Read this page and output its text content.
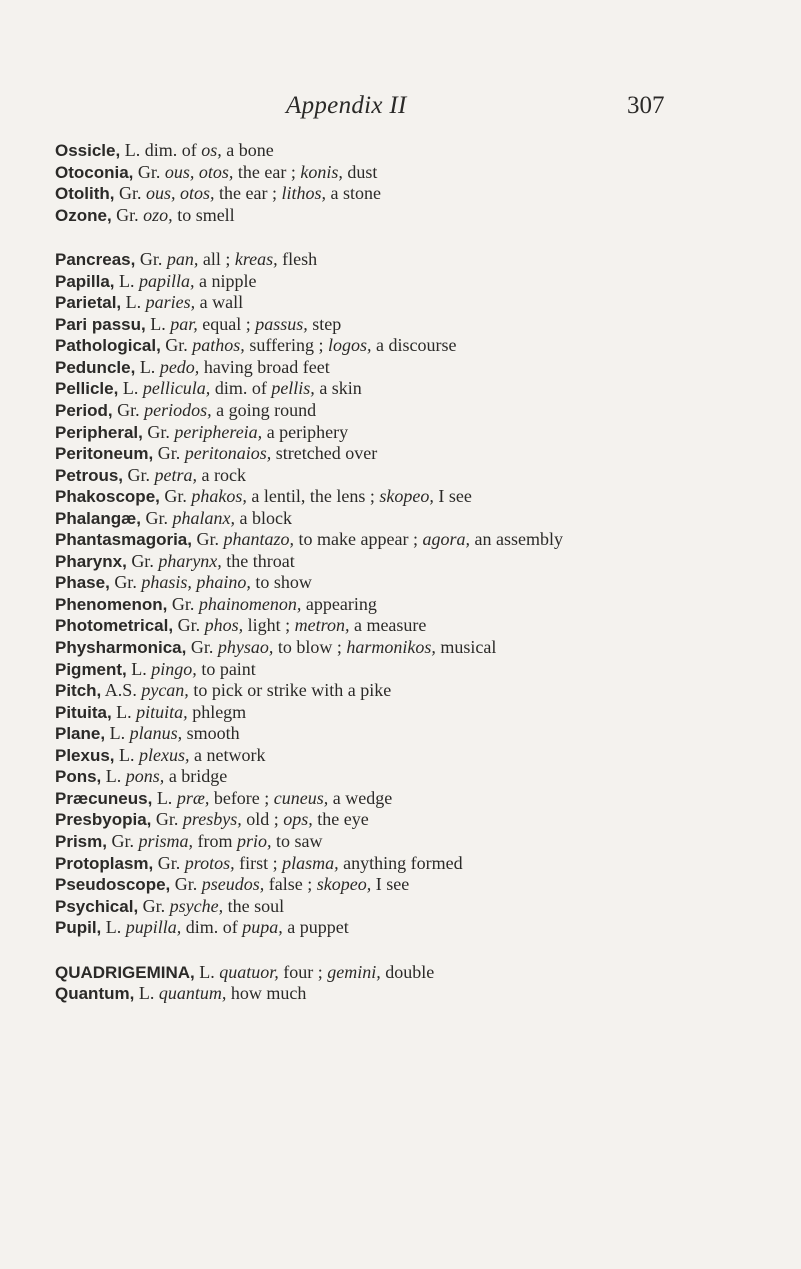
Appendix II	307
Ossicle, L. dim. of os, a bone
Otoconia, Gr. ous, otos, the ear ; konis, dust
Otolith, Gr. ous, otos, the ear ; lithos, a stone
Ozone, Gr. ozo, to smell
Pancreas, Gr. pan, all ; kreas, flesh
Papilla, L. papilla, a nipple
Parietal, L. paries, a wall
Pari passu, L. par, equal ; passus, step
Pathological, Gr. pathos, suffering ; logos, a discourse
Peduncle, L. pedo, having broad feet
Pellicle, L. pellicula, dim. of pellis, a skin
Period, Gr. periodos, a going round
Peripheral, Gr. periphereia, a periphery
Peritoneum, Gr. peritonaios, stretched over
Petrous, Gr. petra, a rock
Phakoscope, Gr. phakos, a lentil, the lens ; skopeo, I see
Phalangæ, Gr. phalanx, a block
Phantasmagoria, Gr. phantazo, to make appear ; agora, an assembly
Pharynx, Gr. pharynx, the throat
Phase, Gr. phasis, phaino, to show
Phenomenon, Gr. phainomenon, appearing
Photometrical, Gr. phos, light ; metron, a measure
Physharmonica, Gr. physao, to blow ; harmonikos, musical
Pigment, L. pingo, to paint
Pitch, A.S. pycan, to pick or strike with a pike
Pituita, L. pituita, phlegm
Plane, L. planus, smooth
Plexus, L. plexus, a network
Pons, L. pons, a bridge
Præcuneus, L. præ, before ; cuneus, a wedge
Presbyopia, Gr. presbys, old ; ops, the eye
Prism, Gr. prisma, from prio, to saw
Protoplasm, Gr. protos, first ; plasma, anything formed
Pseudoscope, Gr. pseudos, false ; skopeo, I see
Psychical, Gr. psyche, the soul
Pupil, L. pupilla, dim. of pupa, a puppet
QUADRIGEMINA, L. quatuor, four ; gemini, double
Quantum, L. quantum, how much
